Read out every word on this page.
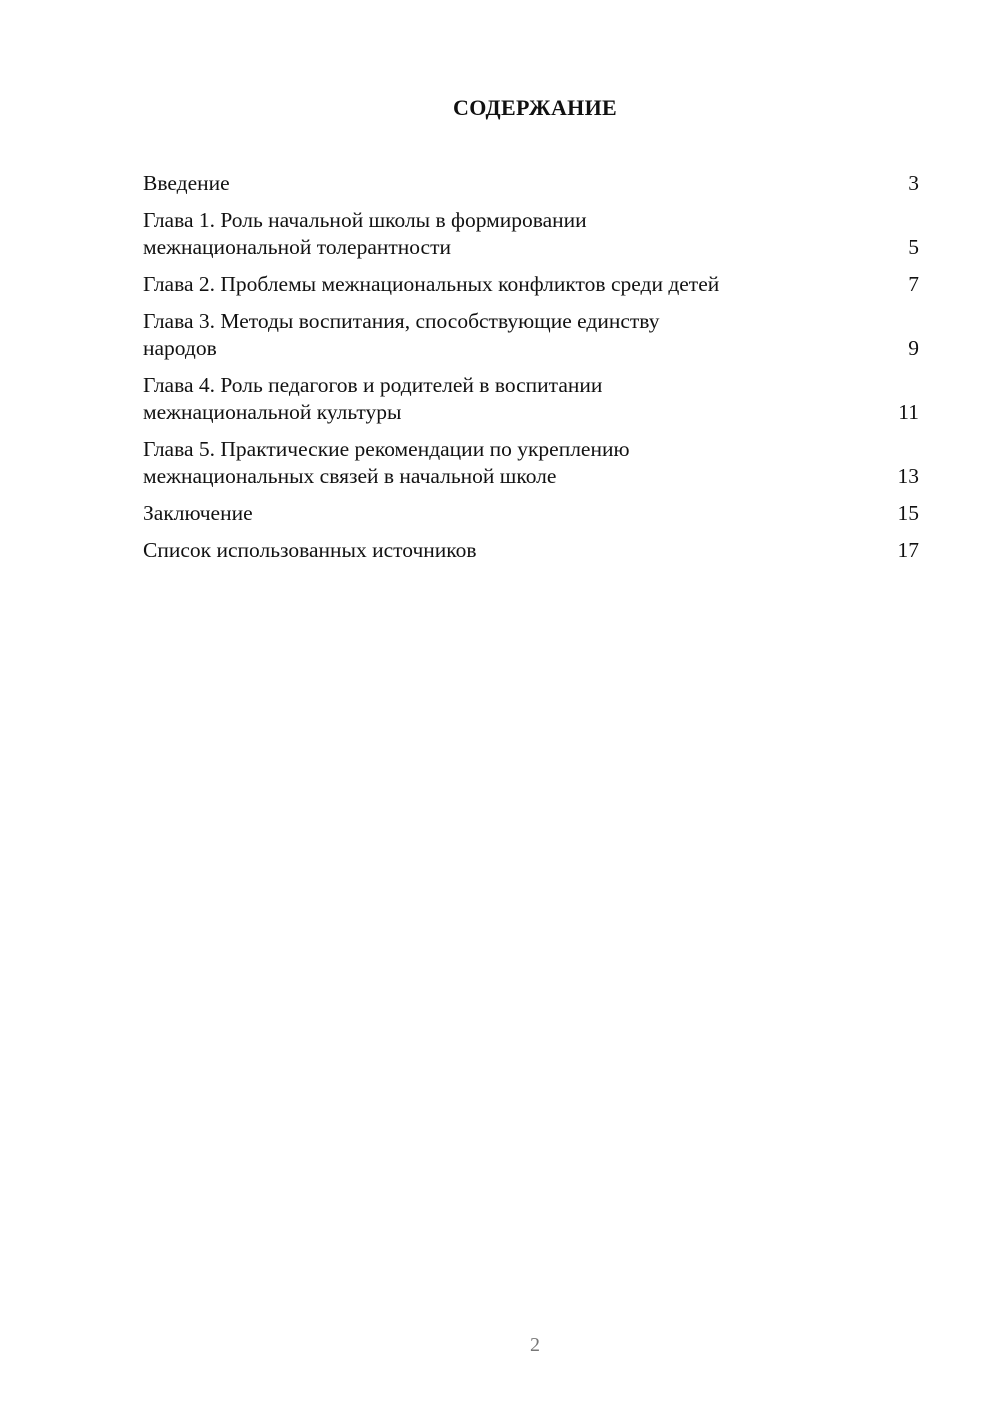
СОДЕРЖАНИЕ
Введение	3
Глава 1. Роль начальной школы в формировании
межнациональной толерантности	5
Глава 2. Проблемы межнациональных конфликтов среди детей	7
Глава 3. Методы воспитания, способствующие единству
народов	9
Глава 4. Роль педагогов и родителей в воспитании
межнациональной культуры	11
Глава 5. Практические рекомендации по укреплению
межнациональных связей в начальной школе	13
Заключение	15
Список использованных источников	17
2
